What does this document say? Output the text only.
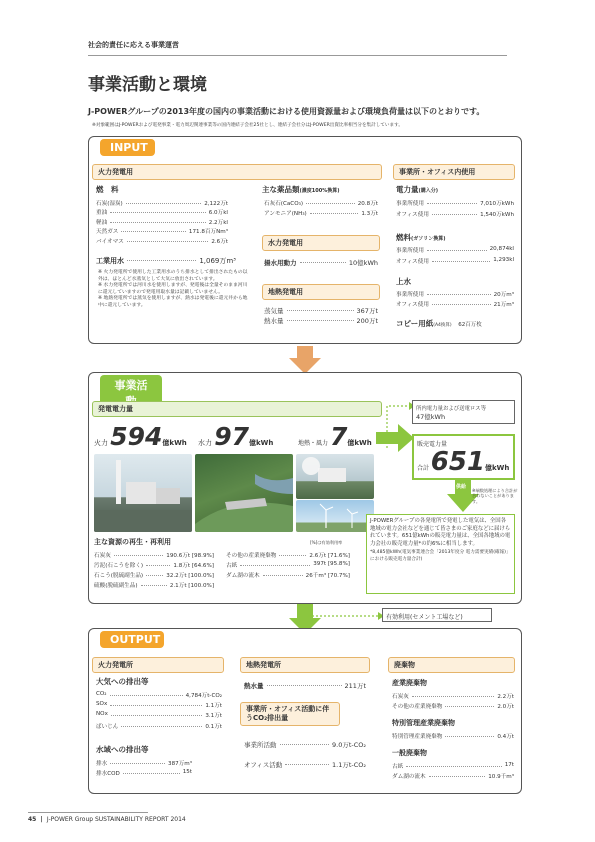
社会的責任に応える事業運営
事業活動と環境
J-POWERグループの2013年度の国内の事業活動における使用資源量および環境負荷量は以下のとおりです。
※対象範囲はJ-POWERおよび電発事業・電力周辺関連事業等の国内連結子会社25社とし、連結子会社分はJ-POWER出資比率相当分を集計しています。
INPUT
火力発電用
燃　料
石炭(湿炭)	2,122万t
重油	6.0万kl
軽油	2.2万kl
天然ガス	171.8百万Nm³
バイオマス	2.6万t
工業用水	1,069万m³
※ 火力発電所で使用した工業用水のうち排水として排出されたもの以外は、ほとんど水蒸気として大気に放出されています。
※ 水力発電所では河川水を使用しますが、発電後は全量そのまま河川に還元していますので発電用取水量は記載していません。
※ 地熱発電所では蒸気を使用しますが、熱水は発電後に還元井から地中に還元しています。
主な薬品類(濃度100%換算)
石灰石(CaCO₃)	20.8万t
アンモニア(NH₃)	1.3万t
水力発電用
揚水用動力	10億kWh
地熱発電用
蒸気量	367万t
熱水量	200万t
事業所・オフィス内使用
電力量(購入分)
事業所使用	7,010万kWh
オフィス使用	1,540万kWh
燃料(ガソリン換算)
事業所使用	20,874kl
オフィス使用	1,293kl
上水
事業所使用	20万m³
オフィス使用	21万m³
コピー用紙(A4換算) 62百万枚
事業活
発電電力量
火力 594億kWh 水力 97億kWh	地熱・風力 7億kWh
所内電力量および送電ロス等
47億kWh
販売電力量
合計 651億kWh
供給
※端数処理により合計が合わないことがあります。
J-POWERグループの各発電所で発電した電気は、全国各地域の電力会社などを通じて皆さまのご家庭などに届けられています。651億kWhの販売電力量は、全国各地域の電力会社の販売電力量*の約6%に相当します。
*8,485億kWh(電気事業連合会「2013年度分 電力需要実績(確報)」における販売電力量合計)
主な資源の再生・再利用	[%]は有効利用率
石炭灰	190.6万t [98.9%]
汚泥(石こうを除く)	1.8万t [64.6%]
石こう(脱硫副生品)	32.2万t [100.0%]
硫酸(脱硫副生品)	2.1万t [100.0%]
その他の産業廃棄物	2.6万t [71.6%]
古紙	397t [95.8%]
ダム湖の流木	26千m³ [70.7%]
有効利用(セメント工場など)
OUTPUT
火力発電所
大気への排出等
CO₂	4,784万t-CO₂
SOx	1.1万t
NOx	3.1万t
ばいじん	0.1万t
水域への排出等
排水	387万m³
排水COD	15t
地熱発電所
熱水量	211万t
事業所・オフィス活動に伴うCO₂排出量
事業所活動	9.0万t-CO₂
オフィス活動	1.1万t-CO₂
廃棄物
産業廃棄物
石炭灰	2.2万t
その他の産業廃棄物	2.0万t
特別管理産業廃棄物
特別管理産業廃棄物	0.4万t
一般廃棄物
古紙	17t
ダム湖の流木	10.9千m³
45  |  J-POWER Group SUSTAINABILITY REPORT 2014
